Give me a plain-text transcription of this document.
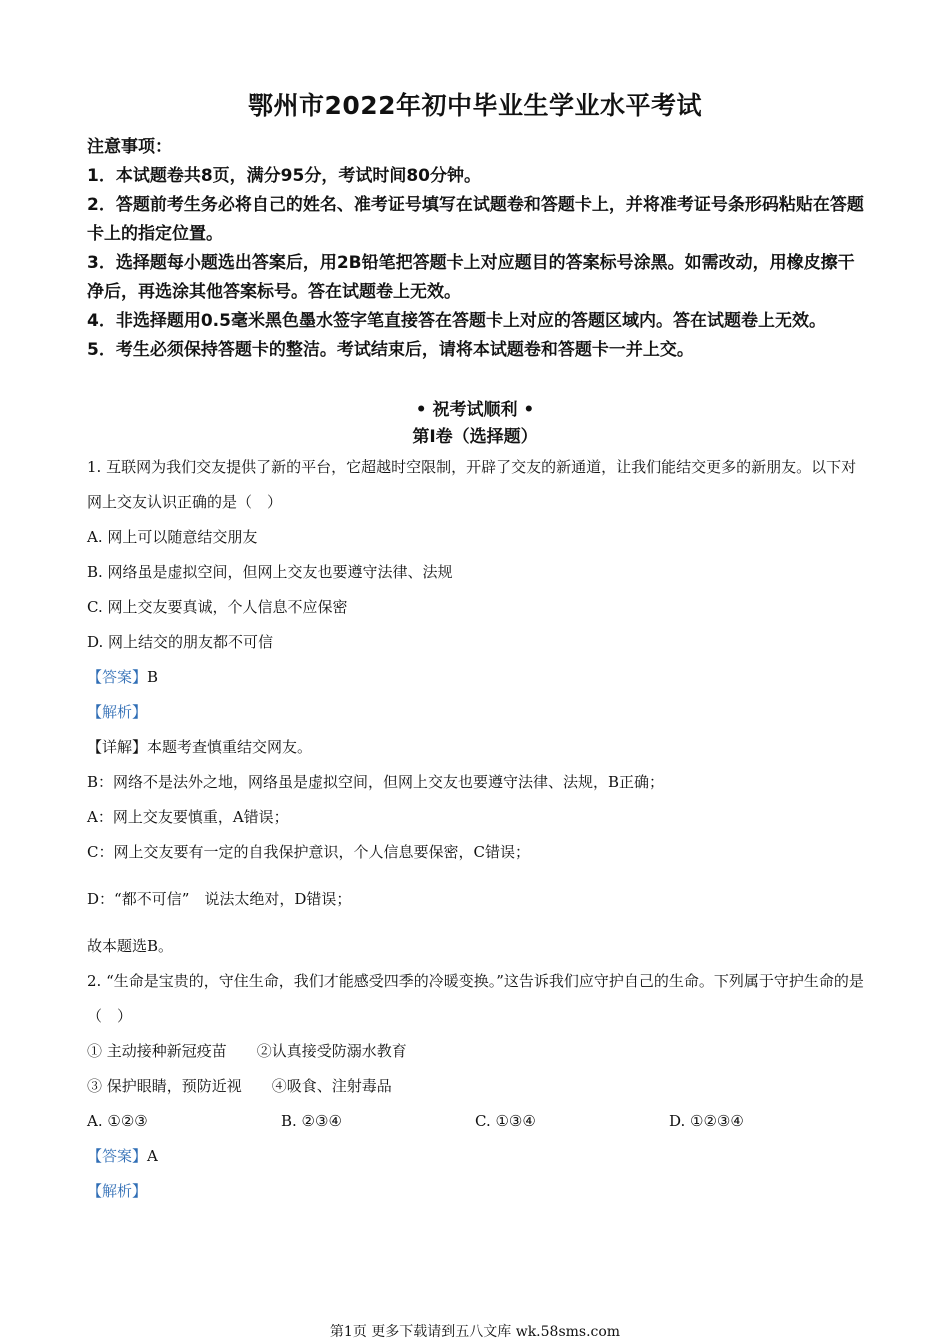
鄂州市2022年初中毕业生学业水平考试

注意事项：

1．本试题卷共8页，满分95分，考试时间80分钟。

2．答题前考生务必将自己的姓名、准考证号填写在试题卷和答题卡上，并将准考证号条形码粘贴在答题卡上的指定位置。

3．选择题每小题选出答案后，用2B铅笔把答题卡上对应题目的答案标号涂黑。如需改动，用橡皮擦干净后，再选涂其他答案标号。答在试题卷上无效。

4．非选择题用0.5毫米黑色墨水签字笔直接答在答题卡上对应的答题区域内。答在试题卷上无效。

5．考生必须保持答题卡的整洁。考试结束后，请将本试题卷和答题卡一并上交。

• 祝考试顺利 •
第Ⅰ卷（选择题）

1. 互联网为我们交友提供了新的平台，它超越时空限制，开辟了交友的新通道，让我们能结交更多的新朋友。以下对网上交友认识正确的是（　）

A. 网上可以随意结交朋友

B. 网络虽是虚拟空间，但网上交友也要遵守法律、法规

C. 网上交友要真诚，个人信息不应保密

D. 网上结交的朋友都不可信

【答案】B

【解析】

【详解】本题考查慎重结交网友。

B：网络不是法外之地，网络虽是虚拟空间，但网上交友也要遵守法律、法规，B正确；

A：网上交友要慎重，A错误；

C：网上交友要有一定的自我保护意识，个人信息要保密，C错误；

D：“都不可信”　说法太绝对，D错误；

故本题选B。

2. “生命是宝贵的，守住生命，我们才能感受四季的冷暖变换。”这告诉我们应守护自己的生命。下列属于守护生命的是（　）

① 主动接种新冠疫苗　　②认真接受防溺水教育

③ 保护眼睛，预防近视　　④吸食、注射毒品

A. ①②③	B. ②③④	C. ①③④	D. ①②③④

【答案】A

【解析】

第1页 更多下载请到五八文库 wk.58sms.com
